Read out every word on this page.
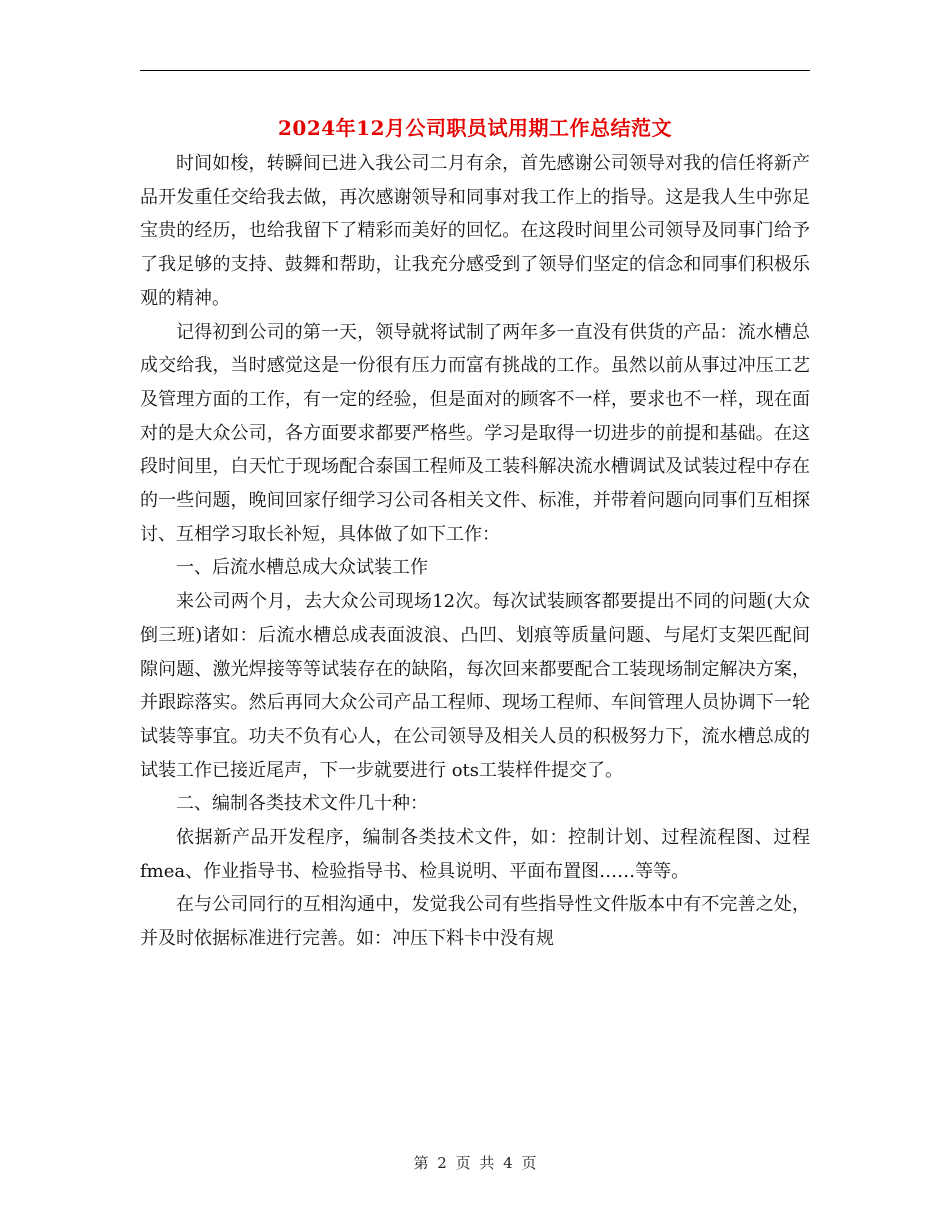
2024年12月公司职员试用期工作总结范文

时间如梭，转瞬间已进入我公司二月有余，首先感谢公司领导对我的信任将新产品开发重任交给我去做，再次感谢领导和同事对我工作上的指导。这是我人生中弥足宝贵的经历，也给我留下了精彩而美好的回忆。在这段时间里公司领导及同事门给予了我足够的支持、鼓舞和帮助，让我充分感受到了领导们坚定的信念和同事们积极乐观的精神。

记得初到公司的第一天，领导就将试制了两年多一直没有供货的产品：流水槽总成交给我，当时感觉这是一份很有压力而富有挑战的工作。虽然以前从事过冲压工艺及管理方面的工作，有一定的经验，但是面对的顾客不一样，要求也不一样，现在面对的是大众公司，各方面要求都要严格些。学习是取得一切进步的前提和基础。在这段时间里，白天忙于现场配合泰国工程师及工装科解决流水槽调试及试装过程中存在的一些问题，晚间回家仔细学习公司各相关文件、标准，并带着问题向同事们互相探讨、互相学习取长补短，具体做了如下工作：

一、后流水槽总成大众试装工作

来公司两个月，去大众公司现场12次。每次试装顾客都要提出不同的问题(大众倒三班)诸如：后流水槽总成表面波浪、凸凹、划痕等质量问题、与尾灯支架匹配间隙问题、激光焊接等等试装存在的缺陷，每次回来都要配合工装现场制定解决方案，并跟踪落实。然后再同大众公司产品工程师、现场工程师、车间管理人员协调下一轮试装等事宜。功夫不负有心人，在公司领导及相关人员的积极努力下，流水槽总成的试装工作已接近尾声，下一步就要进行 ots工装样件提交了。

二、编制各类技术文件几十种：

依据新产品开发程序，编制各类技术文件，如：控制计划、过程流程图、过程fmea、作业指导书、检验指导书、检具说明、平面布置图……等等。

在与公司同行的互相沟通中，发觉我公司有些指导性文件版本中有不完善之处，并及时依据标准进行完善。如：冲压下料卡中没有规

第 2 页 共 4 页
